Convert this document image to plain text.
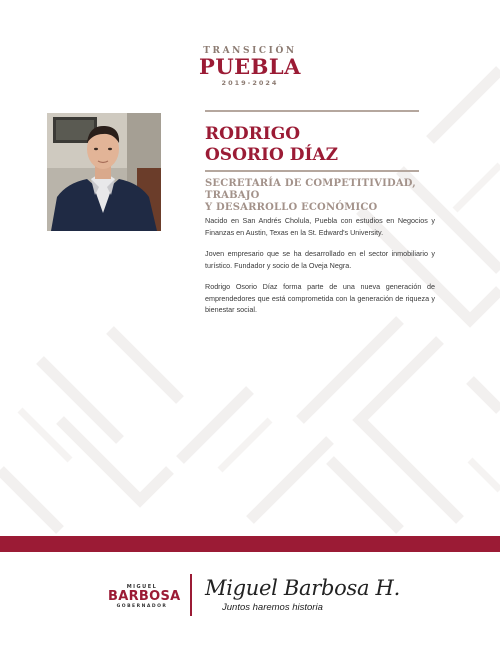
TRANSICIÓN
PUEBLA
2019-2024
RODRIGO
OSORIO DÍAZ
SECRETARÍA DE COMPETITIVIDAD, TRABAJO
Y DESARROLLO ECONÓMICO

Nacido en San Andrés Cholula, Puebla con estudios en Negocios y Finanzas en Austin, Texas en la St. Edward's University.

Joven empresario que se ha desarrollado en el sector inmobiliario y turístico. Fundador y socio de la Oveja Negra.

Rodrigo Osorio Díaz forma parte de una nueva generación de emprendedores que está comprometida con la generación de riqueza y bienestar social.

MIGUEL
BARBOSA
GOBERNADOR
Miguel Barbosa H.
Juntos haremos historia
